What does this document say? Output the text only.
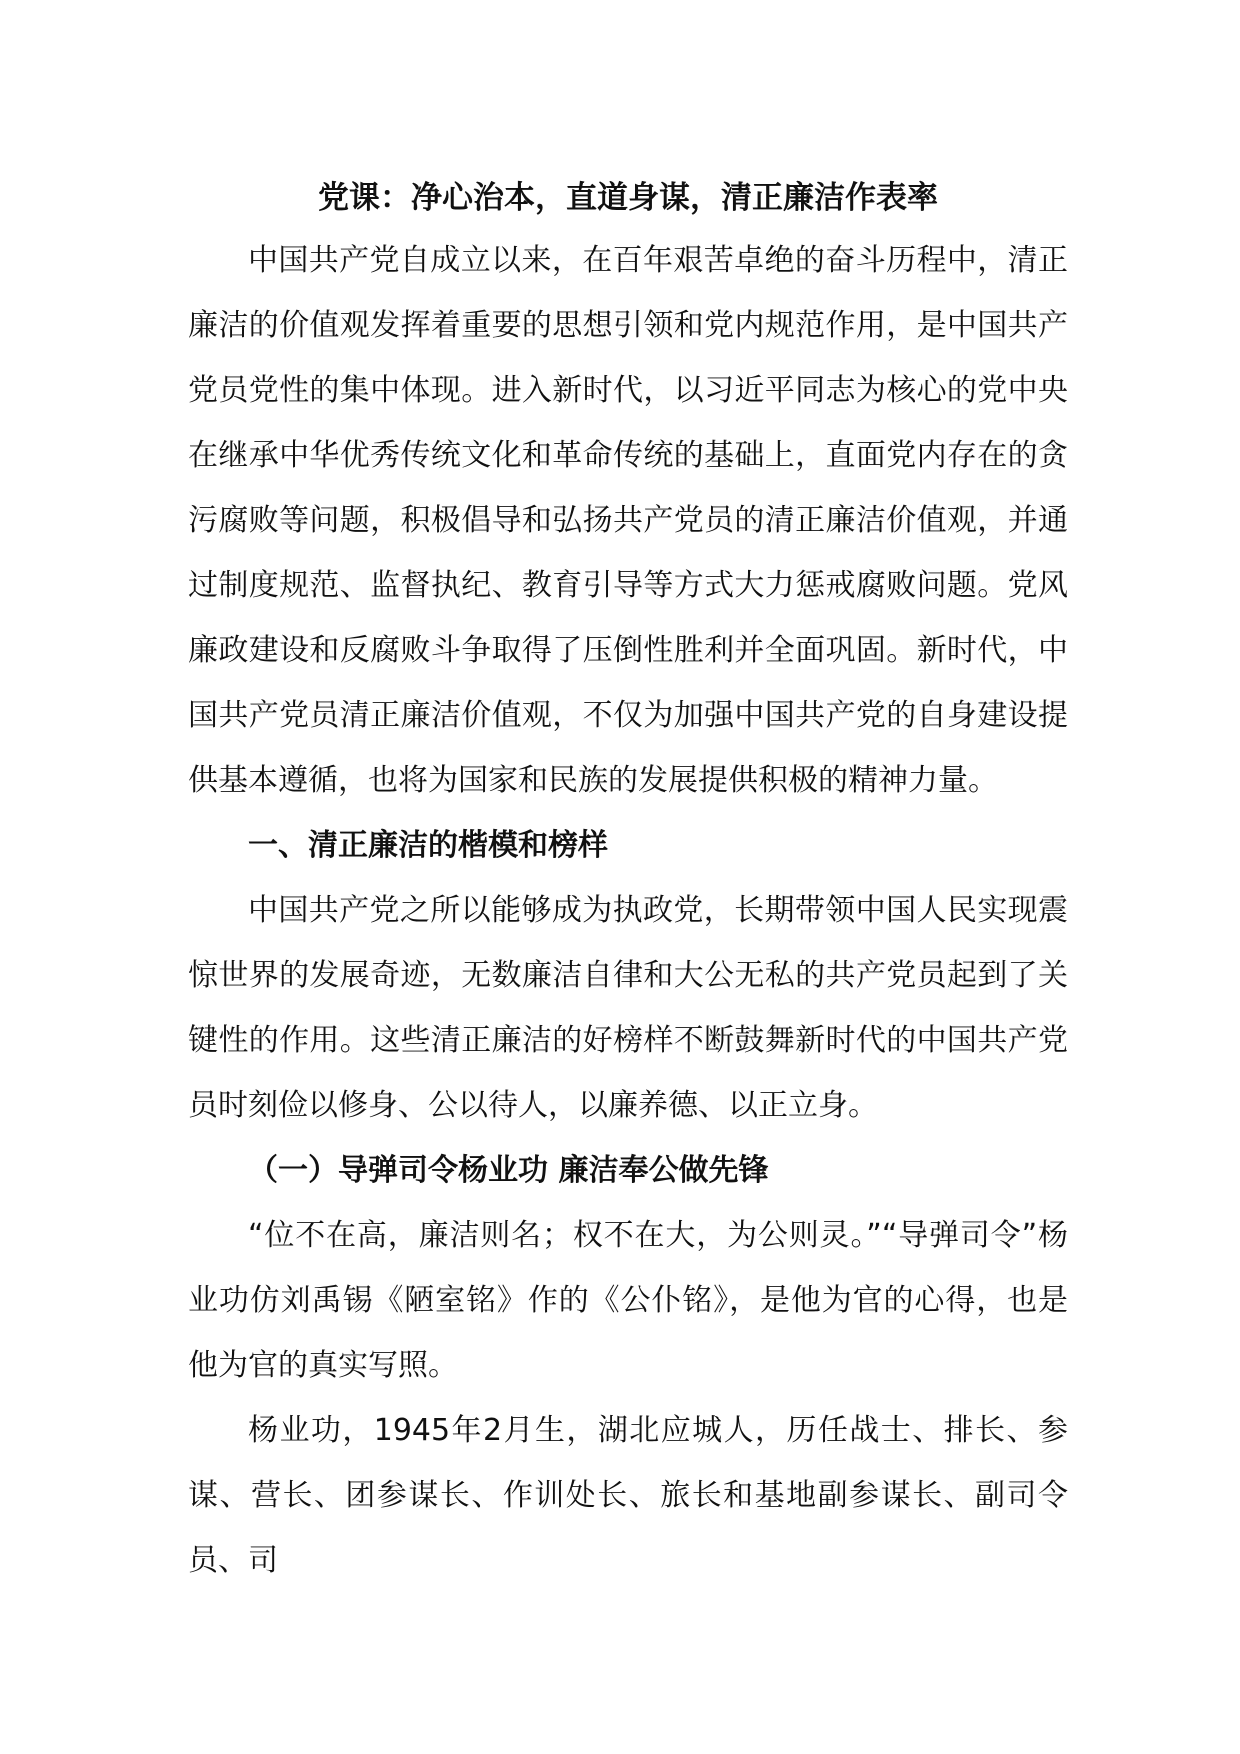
党课：净心治本，直道身谋，清正廉洁作表率

中国共产党自成立以来，在百年艰苦卓绝的奋斗历程中，清正廉洁的价值观发挥着重要的思想引领和党内规范作用，是中国共产党员党性的集中体现。进入新时代，以习近平同志为核心的党中央在继承中华优秀传统文化和革命传统的基础上，直面党内存在的贪污腐败等问题，积极倡导和弘扬共产党员的清正廉洁价值观，并通过制度规范、监督执纪、教育引导等方式大力惩戒腐败问题。党风廉政建设和反腐败斗争取得了压倒性胜利并全面巩固。新时代，中国共产党员清正廉洁价值观，不仅为加强中国共产党的自身建设提供基本遵循，也将为国家和民族的发展提供积极的精神力量。

一、清正廉洁的楷模和榜样

中国共产党之所以能够成为执政党，长期带领中国人民实现震惊世界的发展奇迹，无数廉洁自律和大公无私的共产党员起到了关键性的作用。这些清正廉洁的好榜样不断鼓舞新时代的中国共产党员时刻俭以修身、公以待人，以廉养德、以正立身。

（一）导弹司令杨业功 廉洁奉公做先锋

“位不在高，廉洁则名；权不在大，为公则灵。”“导弹司令”杨业功仿刘禹锡《陋室铭》作的《公仆铭》，是他为官的心得，也是他为官的真实写照。

杨业功，1945年2月生，湖北应城人，历任战士、排长、参谋、营长、团参谋长、作训处长、旅长和基地副参谋长、副司令员、司
